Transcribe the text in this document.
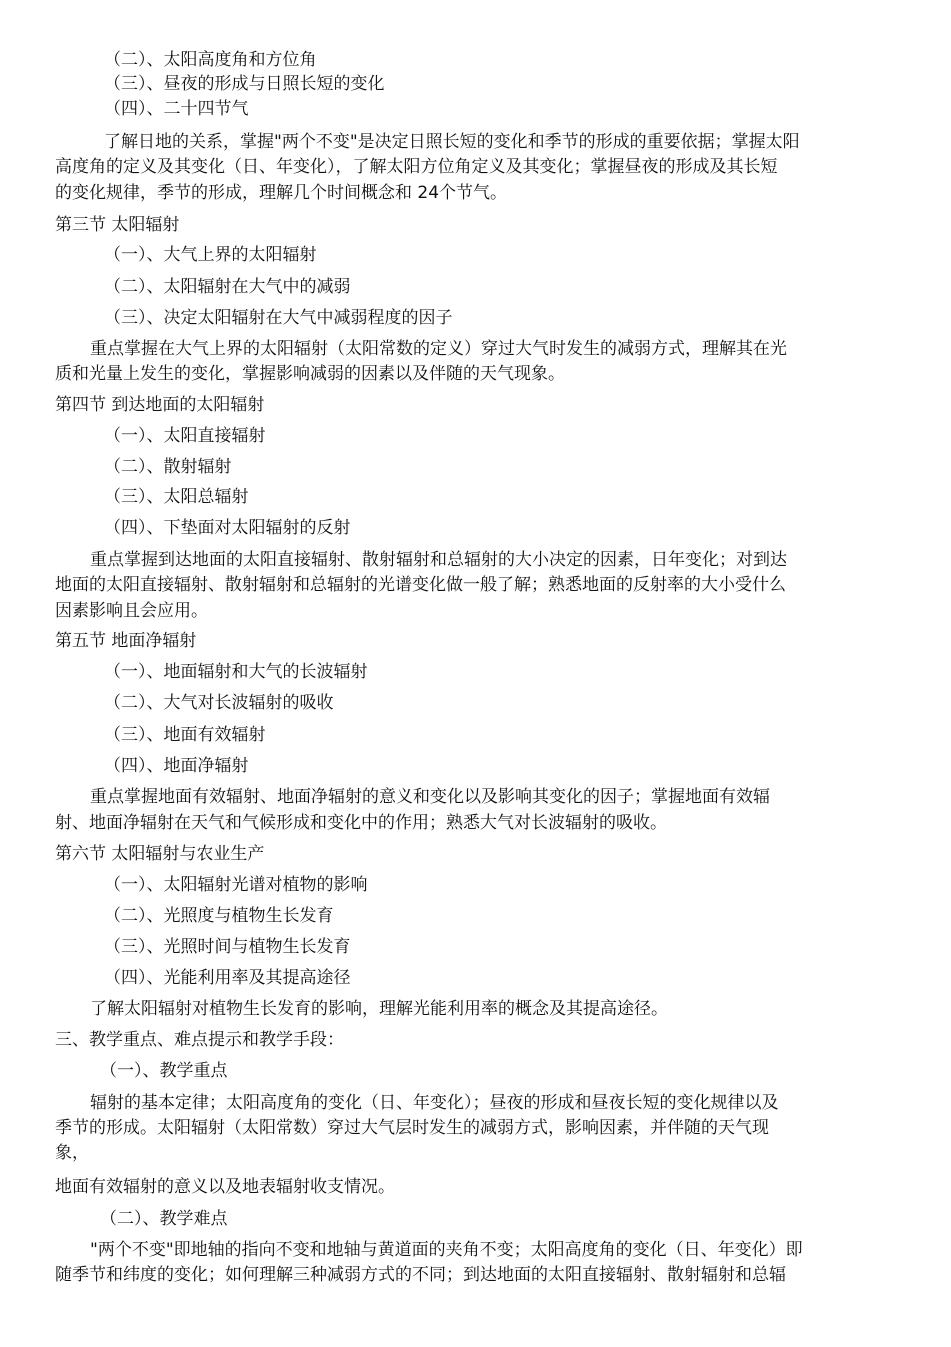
（二）、太阳高度角和方位角
（三）、昼夜的形成与日照长短的变化
（四）、二十四节气
了解日地的关系，掌握"两个不变"是决定日照长短的变化和季节的形成的重要依据；掌握太阳
高度角的定义及其变化（日、年变化），了解太阳方位角定义及其变化；掌握昼夜的形成及其长短
的变化规律，季节的形成，理解几个时间概念和 24个节气。
第三节 太阳辐射
（一）、大气上界的太阳辐射
（二）、太阳辐射在大气中的减弱
（三）、决定太阳辐射在大气中减弱程度的因子
重点掌握在大气上界的太阳辐射（太阳常数的定义）穿过大气时发生的减弱方式，理解其在光
质和光量上发生的变化，掌握影响减弱的因素以及伴随的天气现象。
第四节 到达地面的太阳辐射
（一）、太阳直接辐射
（二）、散射辐射
（三）、太阳总辐射
（四）、下垫面对太阳辐射的反射
重点掌握到达地面的太阳直接辐射、散射辐射和总辐射的大小决定的因素，日年变化；对到达
地面的太阳直接辐射、散射辐射和总辐射的光谱变化做一般了解；熟悉地面的反射率的大小受什么
因素影响且会应用。
第五节 地面净辐射
（一）、地面辐射和大气的长波辐射
（二）、大气对长波辐射的吸收
（三）、地面有效辐射
（四）、地面净辐射
重点掌握地面有效辐射、地面净辐射的意义和变化以及影响其变化的因子；掌握地面有效辐
射、地面净辐射在天气和气候形成和变化中的作用；熟悉大气对长波辐射的吸收。
第六节 太阳辐射与农业生产
（一）、太阳辐射光谱对植物的影响
（二）、光照度与植物生长发育
（三）、光照时间与植物生长发育
（四）、光能利用率及其提高途径
了解太阳辐射对植物生长发育的影响，理解光能利用率的概念及其提高途径。
三、教学重点、难点提示和教学手段：
（一）、教学重点
辐射的基本定律；太阳高度角的变化（日、年变化）；昼夜的形成和昼夜长短的变化规律以及
季节的形成。太阳辐射（太阳常数）穿过大气层时发生的减弱方式，影响因素，并伴随的天气现
象，
地面有效辐射的意义以及地表辐射收支情况。
（二）、教学难点
"两个不变"即地轴的指向不变和地轴与黄道面的夹角不变；太阳高度角的变化（日、年变化）即
随季节和纬度的变化；如何理解三种减弱方式的不同；到达地面的太阳直接辐射、散射辐射和总辐
